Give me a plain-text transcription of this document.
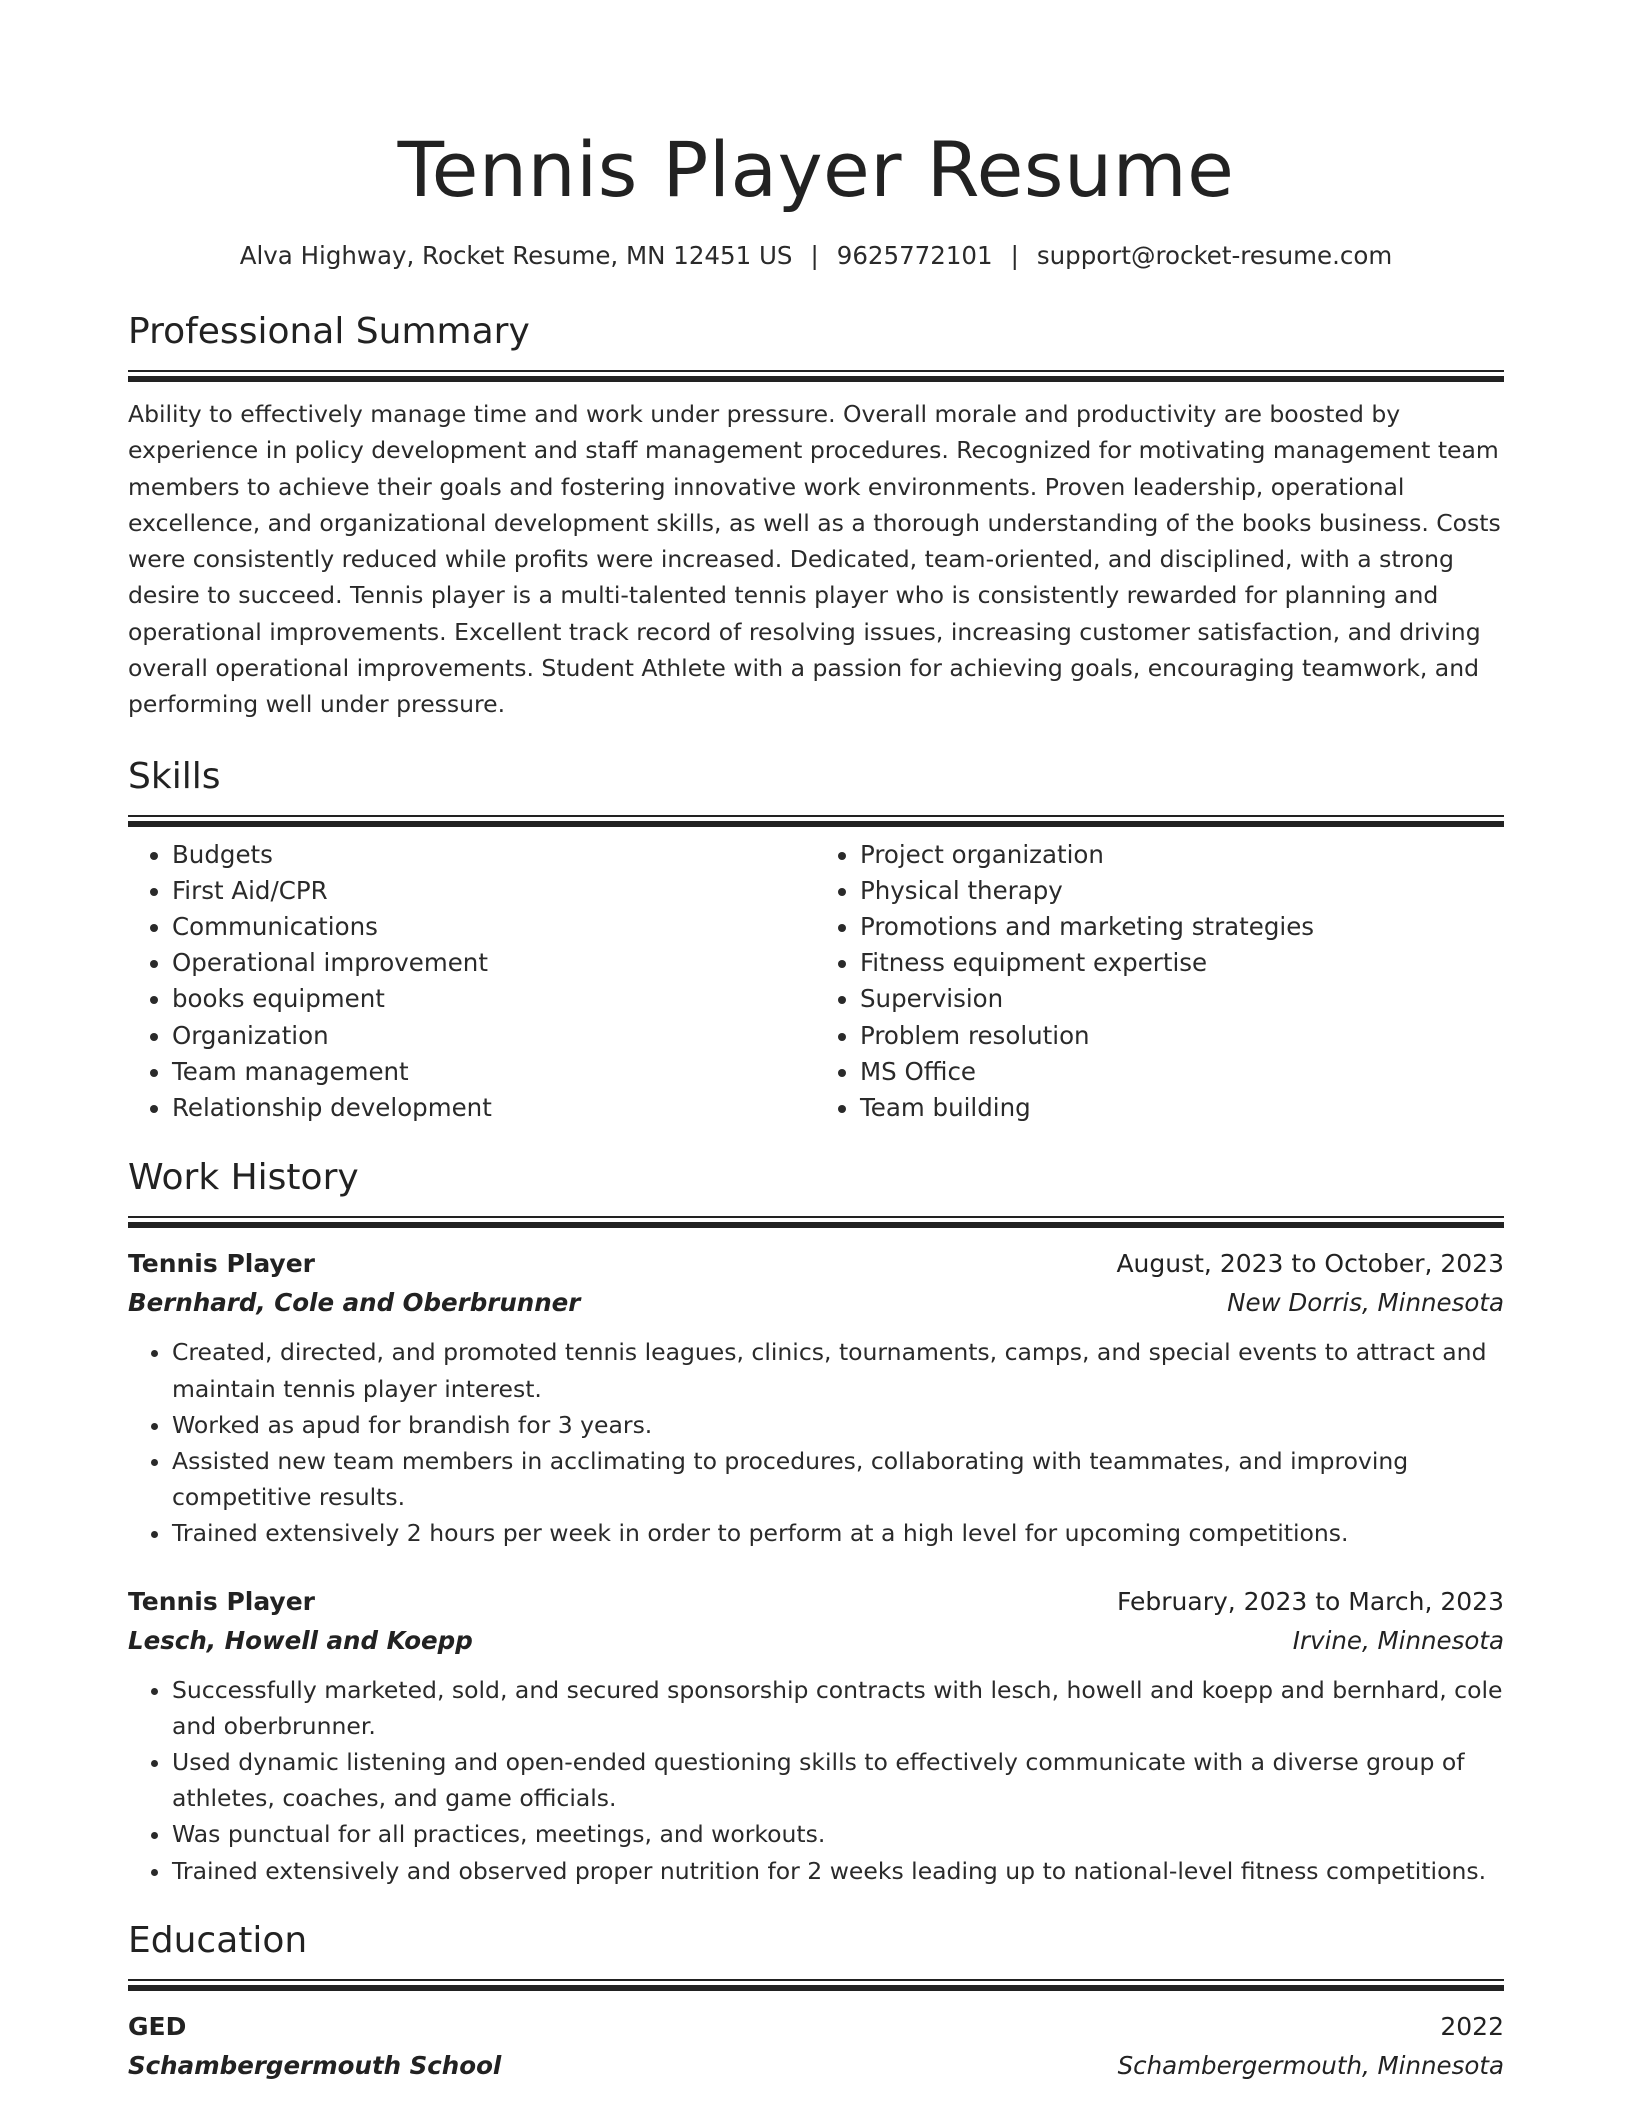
Tennis Player Resume
Alva Highway, Rocket Resume, MN 12451 US | 9625772101 | support@rocket-resume.com
Professional Summary
Ability to effectively manage time and work under pressure. Overall morale and productivity are boosted by experience in policy development and staff management procedures. Recognized for motivating management team members to achieve their goals and fostering innovative work environments. Proven leadership, operational excellence, and organizational development skills, as well as a thorough understanding of the books business. Costs were consistently reduced while profits were increased. Dedicated, team-oriented, and disciplined, with a strong desire to succeed. Tennis player is a multi-talented tennis player who is consistently rewarded for planning and operational improvements. Excellent track record of resolving issues, increasing customer satisfaction, and driving overall operational improvements. Student Athlete with a passion for achieving goals, encouraging teamwork, and performing well under pressure.
Skills
• Budgets
• First Aid/CPR
• Communications
• Operational improvement
• books equipment
• Organization
• Team management
• Relationship development
• Project organization
• Physical therapy
• Promotions and marketing strategies
• Fitness equipment expertise
• Supervision
• Problem resolution
• MS Office
• Team building
Work History
Tennis Player	August, 2023 to October, 2023
Bernhard, Cole and Oberbrunner	New Dorris, Minnesota
• Created, directed, and promoted tennis leagues, clinics, tournaments, camps, and special events to attract and maintain tennis player interest.
• Worked as apud for brandish for 3 years.
• Assisted new team members in acclimating to procedures, collaborating with teammates, and improving competitive results.
• Trained extensively 2 hours per week in order to perform at a high level for upcoming competitions.
Tennis Player	February, 2023 to March, 2023
Lesch, Howell and Koepp	Irvine, Minnesota
• Successfully marketed, sold, and secured sponsorship contracts with lesch, howell and koepp and bernhard, cole and oberbrunner.
• Used dynamic listening and open-ended questioning skills to effectively communicate with a diverse group of athletes, coaches, and game officials.
• Was punctual for all practices, meetings, and workouts.
• Trained extensively and observed proper nutrition for 2 weeks leading up to national-level fitness competitions.
Education
GED	2022
Schambergermouth School	Schambergermouth, Minnesota
